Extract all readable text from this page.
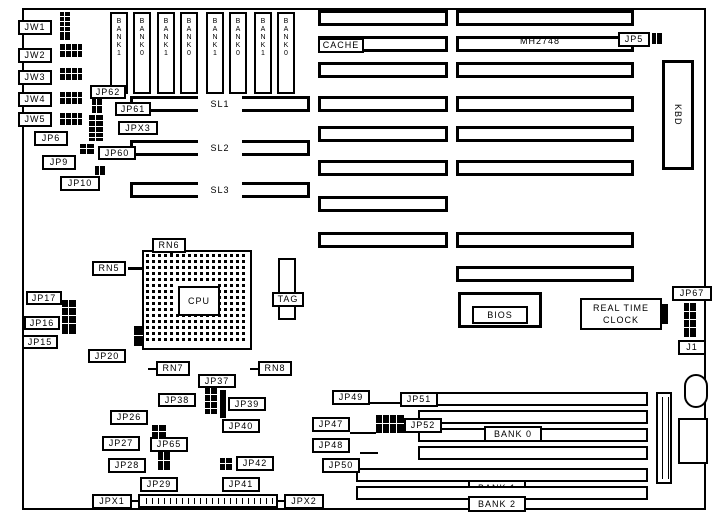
JW1
JW2
JW3
JW4
JW5
JP6
JP9
JP10
B
A
N
K
1
B
A
N
K
0
B
A
N
K
1
B
A
N
K
0
B
A
N
K
1
B
A
N
K
0
B
A
N
K
1
B
A
N
K
0
CACHE	MH2748	JP5
KBD
SL1
SL2
SL3
JP62
JP61
JPX3
JP60
CPU
RN6
RN5
RN7	RN8
TAG
JP17
JP16
JP15
JP20
JP37
JP38	JP39
JP40
JP26
JP27
JP28
JP29
JP65
JP42
JP41
JPX1	JPX2
BIOS
REAL TIME
CLOCK
JP67
J1
BANK 0
BANK 2
JP49	JP51
JP52
JP47
JP48
JP50
